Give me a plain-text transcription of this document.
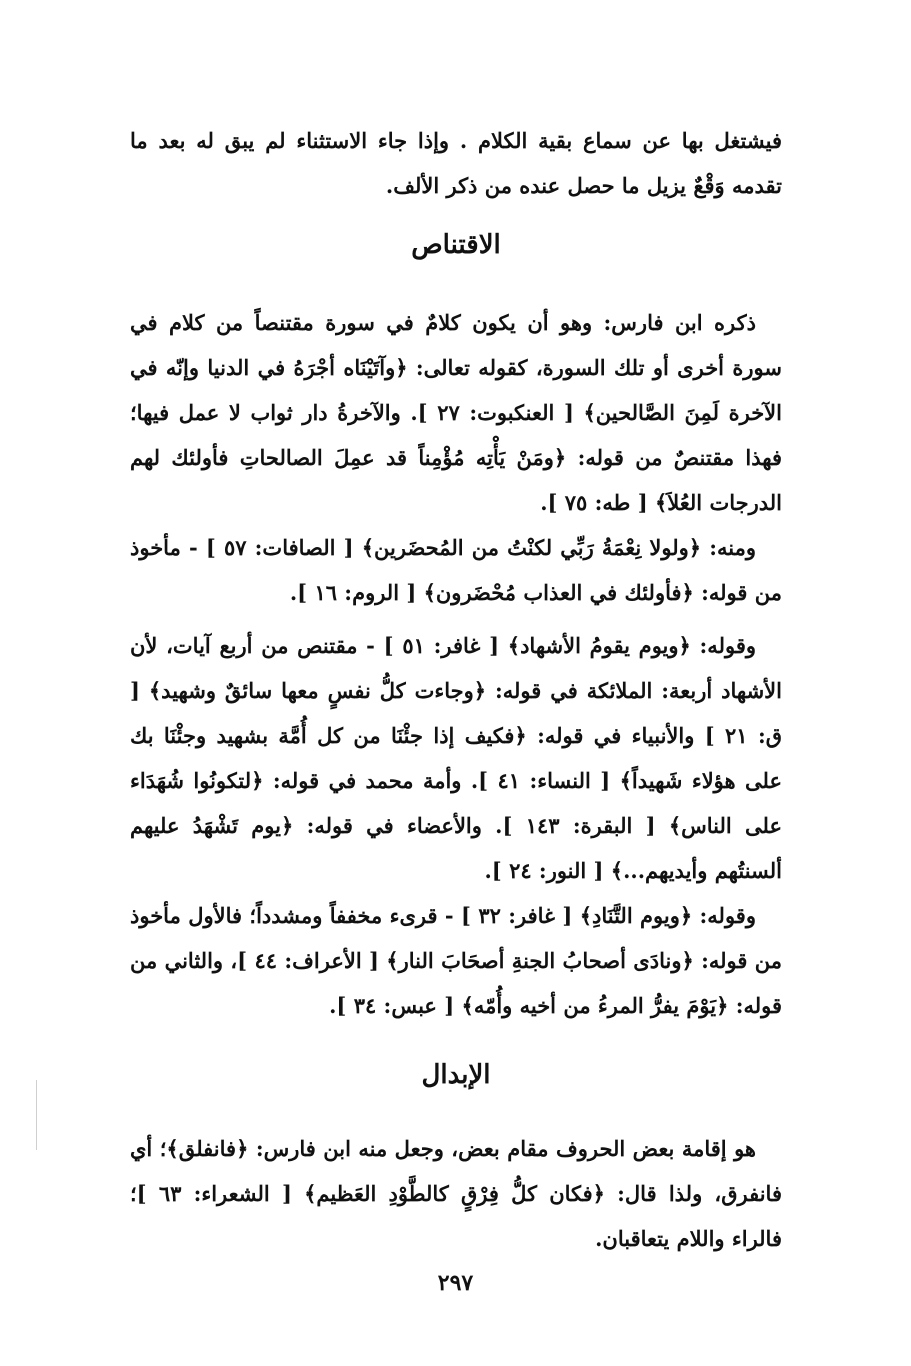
فيشتغل بها عن سماع بقية الكلام . وإذا جاء الاستثناء لم يبق له بعد ما تقدمه وَقْعٌ يزيل ما حصل عنده من ذكر الألف.

الاقتناص

ذكره ابن فارس: وهو أن يكون كلامٌ في سورة مقتنصاً من كلام في سورة أخرى أو تلك السورة، كقوله تعالى: ﴿وآتَيْنَاه أجْرَهُ في الدنيا وإنّه في الآخرة لَمِنَ الصَّالحين﴾ [ العنكبوت: ٢٧ ]. والآخرةُ دار ثواب لا عمل فيها؛ فهذا مقتنصٌ من قوله: ﴿ومَنْ يَأْتِه مُؤْمِناً قد عمِلَ الصالحاتِ فأولئك لهم الدرجات العُلاَ﴾ [ طه: ٧٥ ].

ومنه: ﴿ولولا نِعْمَةُ رَبِّي لكنْتُ من المُحضَرين﴾ [ الصافات: ٥٧ ] - مأخوذ من قوله: ﴿فأولئك في العذاب مُحْضَرون﴾ [ الروم: ١٦ ].

وقوله: ﴿ويوم يقومُ الأشهاد﴾ [ غافر: ٥١ ] - مقتنص من أربع آيات، لأن الأشهاد أربعة: الملائكة في قوله: ﴿وجاءت كلُّ نفسٍ معها سائقٌ وشهيد﴾ [ ق: ٢١ ] والأنبياء في قوله: ﴿فكيف إذا جئْنَا من كل أُمَّة بشهيد وجئْنَا بك على هؤلاء شَهيداً﴾ [ النساء: ٤١ ]. وأمة محمد في قوله: ﴿لتكونُوا شُهَدَاء على الناس﴾ [ البقرة: ١٤٣ ]. والأعضاء في قوله: ﴿يوم تَشْهَدُ عليهم ألسنتُهم وأيديهم...﴾ [ النور: ٢٤ ].

وقوله: ﴿ويوم التَّنَادِ﴾ [ غافر: ٣٢ ] - قرىء مخففاً ومشدداً؛ فالأول مأخوذ من قوله: ﴿ونادَى أصحابُ الجنةِ أصحَابَ النار﴾ [ الأعراف: ٤٤ ]، والثاني من قوله: ﴿يَوْمَ يفرُّ المرءُ من أخيه وأُمّه﴾ [ عبس: ٣٤ ].

الإبدال

هو إقامة بعض الحروف مقام بعض، وجعل منه ابن فارس: ﴿فانفلق﴾؛ أي فانفرق، ولذا قال: ﴿فكان كلُّ فِرْقٍ كالطَّوْدِ العَظيم﴾ [ الشعراء: ٦٣ ]؛ فالراء واللام يتعاقبان.

٢٩٧
